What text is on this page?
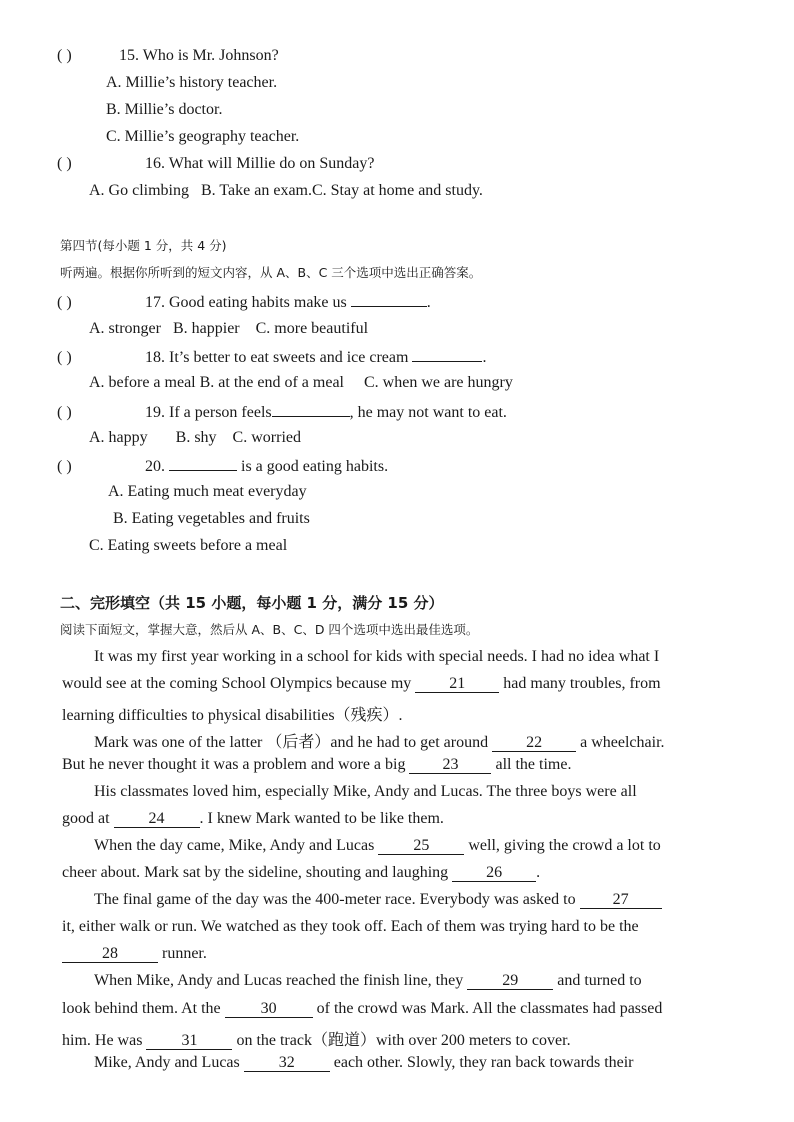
( )	15. Who is Mr. Johnson?
A. Millie’s history teacher.
B. Millie’s doctor.
C. Millie’s geography teacher.
( )	16. What will Millie do on Sunday?
A. Go climbing   B. Take an exam.C. Stay at home and study.
第四节(每小题 1 分，共 4 分)
听两遍。根据你所听到的短文内容，从 A、B、C 三个选项中选出正确答案。
( )	17. Good eating habits make us	.
A. stronger   B. happier    C. more beautiful
( )	18. It’s better to eat sweets and ice cream	.
A. before a meal B. at the end of a meal     C. when we are hungry
( )	19. If a person feels	, he may not want to eat.
A. happy       B. shy    C. worried
( )	20.	is a good eating habits.
A. Eating much meat everyday
B. Eating vegetables and fruits
C. Eating sweets before a meal
二、完形填空（共 15 小题，每小题 1 分，满分 15 分）
阅读下面短文，掌握大意，然后从 A、B、C、D 四个选项中选出最佳选项。
It was my first year working in a school for kids with special needs. I had no idea what I
would see at the coming School Olympics because my 21 had many troubles, from
learning difficulties to physical disabilities（残疾）.
Mark was one of the latter （后者）and he had to get around 22 a wheelchair.
But he never thought it was a problem and wore a big 23 all the time.
His classmates loved him, especially Mike, Andy and Lucas. The three boys were all
good at 24 . I knew Mark wanted to be like them.
When the day came, Mike, Andy and Lucas 25 well, giving the crowd a lot to
cheer about. Mark sat by the sideline, shouting and laughing 26 .
The final game of the day was the 400-meter race. Everybody was asked to 27
it, either walk or run. We watched as they took off. Each of them was trying hard to be the
28	runner.
When Mike, Andy and Lucas reached the finish line, they 29 and turned to
look behind them. At the 30 of the crowd was Mark. All the classmates had passed
him. He was 31 on the track（跑道）with over 200 meters to cover.
Mike, Andy and Lucas 32 each other. Slowly, they ran back towards their
